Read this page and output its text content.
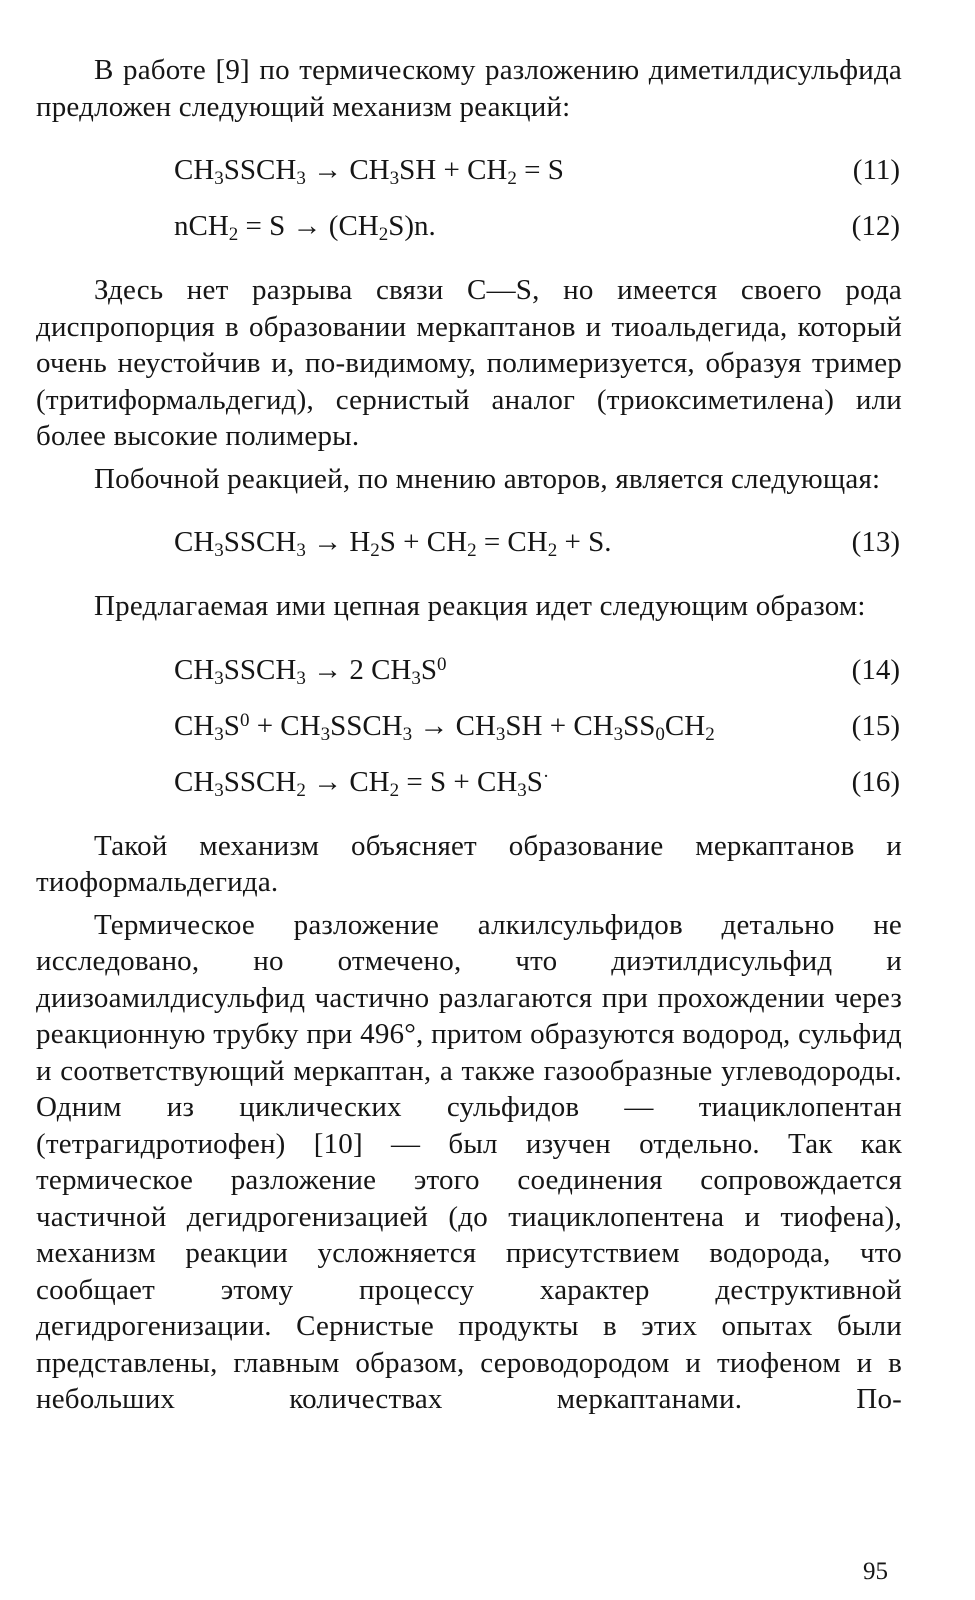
В работе [9] по термическому разложению диметилдисульфида предложен следующий механизм реакций:

$CH_3SSCH_3 \to CH_3SH + CH_2 = S$	(11)
$nCH_2 = S \to (CH_2S)n$.	(12)

Здесь нет разрыва связи C—S, но имеется своего рода диспропорция в образовании меркаптанов и тиоальдегида, который очень неустойчив и, по-видимому, полимеризуется, образуя тример (тритиформальдегид), сернистый аналог (триоксиметилена) или более высокие полимеры.

Побочной реакцией, по мнению авторов, является следующая:

$CH_3SSCH_3 \to H_2S + CH_2 = CH_2 + S$.	(13)

Предлагаемая ими цепная реакция идет следующим образом:

$CH_3SSCH_3 \to 2$ $CH_3S^0$	(14)
$CH_3S^0$ + $CH_3SSCH_3 \to CH_3SH + CH_3SS_0CH_2$	(15)
$CH_3SSCH_2 \to CH_2 = S + CH_3S^\cdot$	(16)

Такой механизм объясняет образование меркаптанов и тиоформальдегида.

Термическое разложение алкилсульфидов детально не исследовано, но отмечено, что диэтилдисульфид и диизоамилдисульфид частично разлагаются при прохождении через реакционную трубку при 496°, притом образуются водород, сульфид и соответствующий меркаптан, а также газообразные углеводороды. Одним из циклических сульфидов — тиациклопентан (тетрагидротиофен) [10] — был изучен отдельно. Так как термическое разложение этого соединения сопровождается частичной дегидрогенизацией (до тиациклопентена и тиофена), механизм реакции усложняется присутствием водорода, что сообщает этому процессу характер деструктивной дегидрогенизации. Сернистые продукты в этих опытах были представлены, главным образом, сероводородом и тиофеном и в небольших количествах меркаптанами. По-

95
